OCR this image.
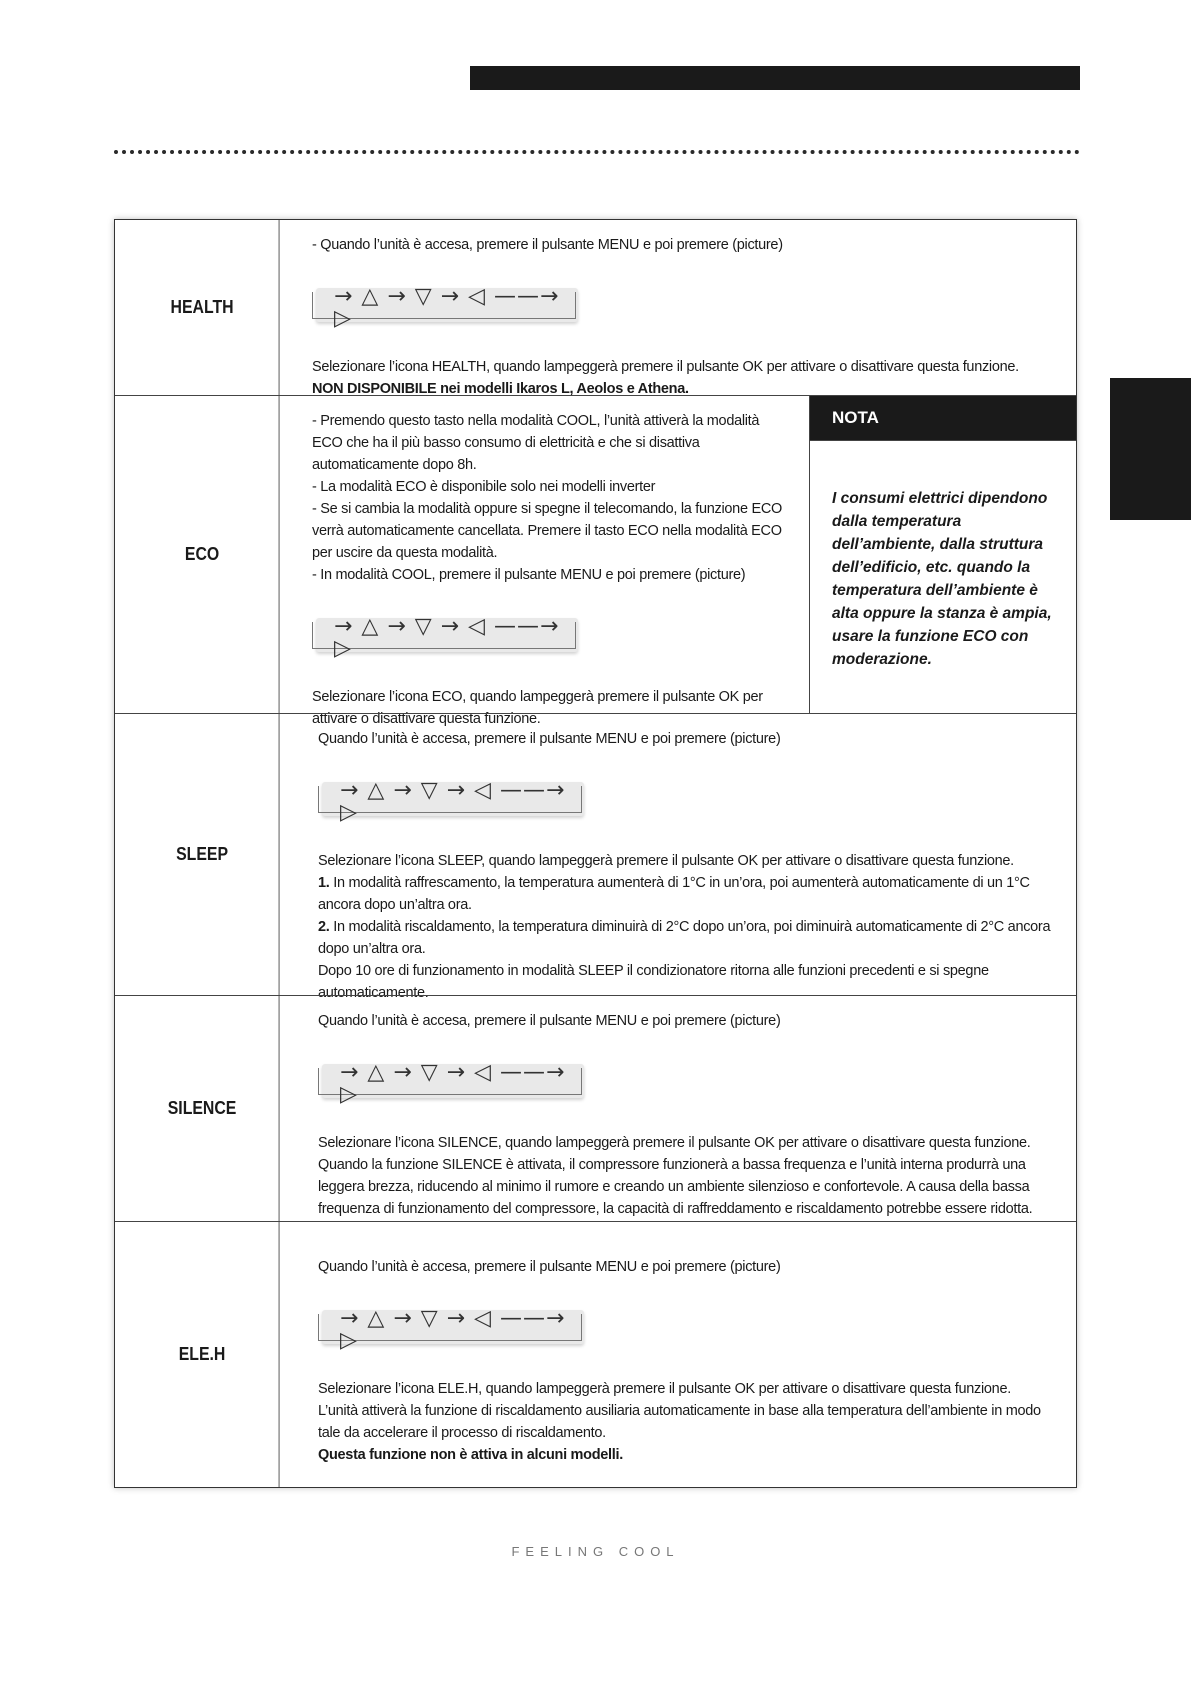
HEALTH

- Quando l’unità è accesa, premere il pulsante MENU e poi premere (picture)

→ △ → ▽ → ◁ ——→ ▷

Selezionare l’icona HEALTH, quando lampeggerà premere il pulsante OK per attivare o disattivare questa funzione.

NON DISPONIBILE nei modelli Ikaros L, Aeolos e Athena.

ECO

- Premendo questo tasto nella modalità COOL, l’unità attiverà la modalità ECO che ha il più basso consumo di elettricità e che si disattiva automaticamente dopo 8h.

- La modalità ECO è disponibile solo nei modelli inverter

- Se si cambia la modalità oppure si spegne il telecomando, la funzione ECO verrà automaticamente cancellata. Premere il tasto ECO nella modalità ECO per uscire da questa modalità.

- In modalità COOL, premere il pulsante MENU e poi premere (picture)

→ △ → ▽ → ◁ ——→ ▷

Selezionare l’icona ECO, quando lampeggerà premere il pulsante OK per attivare o disattivare questa funzione.

NOTA
I consumi elettrici dipendono dalla temperatura dell’ambiente, dalla struttura dell’edificio, etc. quando la temperatura dell’ambiente è alta oppure la stanza è ampia, usare la funzione ECO con moderazione.
SLEEP

Quando l’unità è accesa, premere il pulsante MENU e poi premere (picture)

→ △ → ▽ → ◁ ——→ ▷

Selezionare l’icona SLEEP, quando lampeggerà premere il pulsante OK per attivare o disattivare questa funzione.

1. In modalità raffrescamento, la temperatura aumenterà di 1°C in un’ora, poi aumenterà automaticamente di un 1°C ancora dopo un’altra ora.

2. In modalità riscaldamento, la temperatura diminuirà di 2°C dopo un’ora, poi diminuirà automaticamente di 2°C ancora dopo un’altra ora.

Dopo 10 ore di funzionamento in modalità SLEEP il condizionatore ritorna alle funzioni precedenti e si spegne automaticamente.

SILENCE

Quando l’unità è accesa, premere il pulsante MENU e poi premere (picture)

→ △ → ▽ → ◁ ——→ ▷

Selezionare l’icona SILENCE, quando lampeggerà premere il pulsante OK per attivare o disattivare questa funzione. Quando la funzione SILENCE è attivata, il compressore funzionerà a bassa frequenza e l’unità interna produrrà una leggera brezza, riducendo al minimo il rumore e creando un ambiente silenzioso e confortevole. A causa della bassa frequenza di funzionamento del compressore, la capacità di raffreddamento e riscaldamento potrebbe essere ridotta.

ELE.H

Quando l’unità è accesa, premere il pulsante MENU e poi premere (picture)

→ △ → ▽ → ◁ ——→ ▷

Selezionare l’icona ELE.H, quando lampeggerà premere il pulsante OK per attivare o disattivare questa funzione.

L’unità attiverà la funzione di riscaldamento ausiliaria automaticamente in base alla temperatura dell’ambiente in modo tale da accelerare il processo di riscaldamento.

Questa funzione non è attiva in alcuni modelli.

FEELING COOL
